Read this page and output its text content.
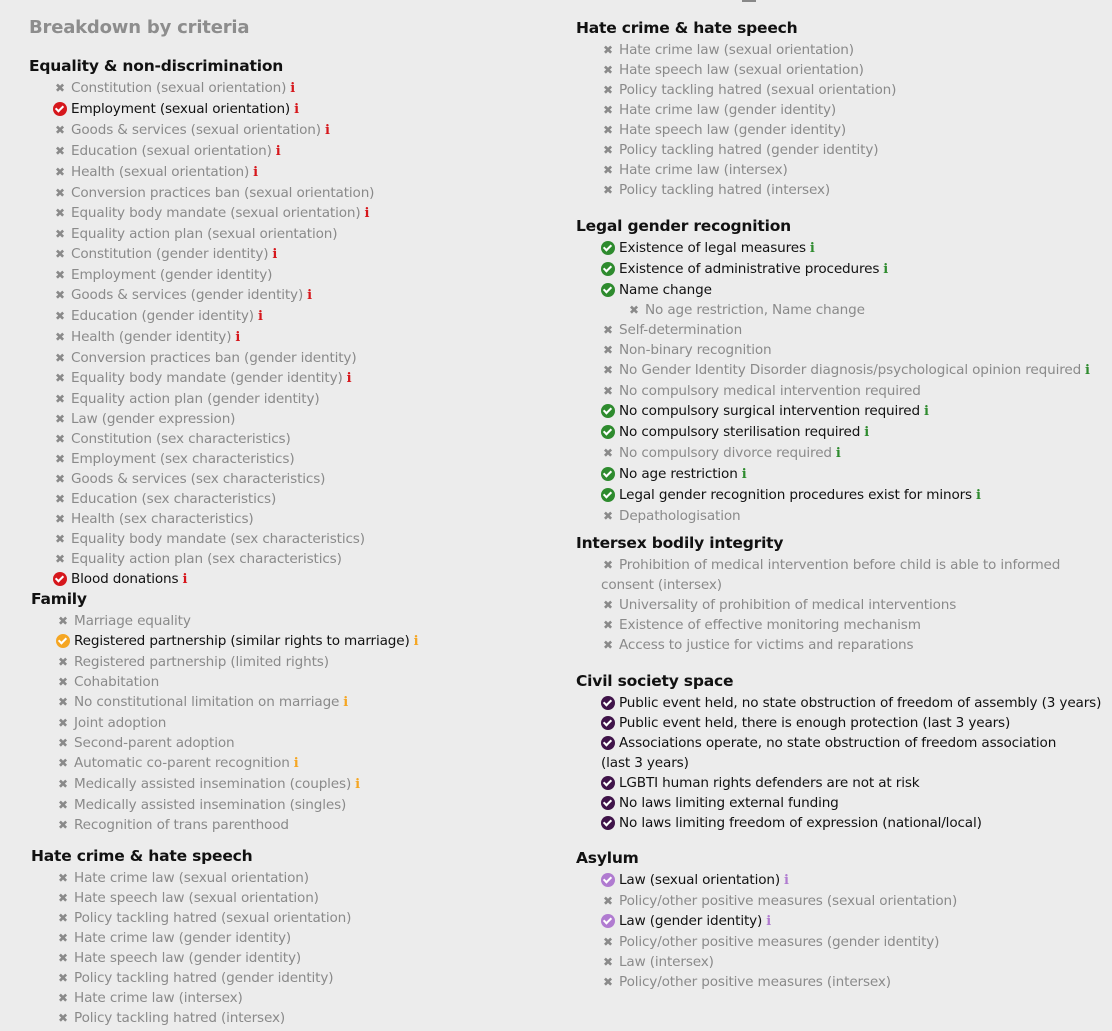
Breakdown by criteria
Equality & non-discrimination
✖ Constitution (sexual orientation) i
Employment (sexual orientation) i
✖ Goods & services (sexual orientation) i
✖ Education (sexual orientation) i
✖ Health (sexual orientation) i
✖ Conversion practices ban (sexual orientation)
✖ Equality body mandate (sexual orientation) i
✖ Equality action plan (sexual orientation)
✖ Constitution (gender identity) i
✖ Employment (gender identity)
✖ Goods & services (gender identity) i
✖ Education (gender identity) i
✖ Health (gender identity) i
✖ Conversion practices ban (gender identity)
✖ Equality body mandate (gender identity) i
✖ Equality action plan (gender identity)
✖ Law (gender expression)
✖ Constitution (sex characteristics)
✖ Employment (sex characteristics)
✖ Goods & services (sex characteristics)
✖ Education (sex characteristics)
✖ Health (sex characteristics)
✖ Equality body mandate (sex characteristics)
✖ Equality action plan (sex characteristics)
Blood donations i
Family
✖ Marriage equality
Registered partnership (similar rights to marriage) i
✖ Registered partnership (limited rights)
✖ Cohabitation
✖ No constitutional limitation on marriage i
✖ Joint adoption
✖ Second-parent adoption
✖ Automatic co-parent recognition i
✖ Medically assisted insemination (couples) i
✖ Medically assisted insemination (singles)
✖ Recognition of trans parenthood
Hate crime & hate speech
✖ Hate crime law (sexual orientation)
✖ Hate speech law (sexual orientation)
✖ Policy tackling hatred (sexual orientation)
✖ Hate crime law (gender identity)
✖ Hate speech law (gender identity)
✖ Policy tackling hatred (gender identity)
✖ Hate crime law (intersex)
✖ Policy tackling hatred (intersex)
Hate crime & hate speech
✖ Hate crime law (sexual orientation)
✖ Hate speech law (sexual orientation)
✖ Policy tackling hatred (sexual orientation)
✖ Hate crime law (gender identity)
✖ Hate speech law (gender identity)
✖ Policy tackling hatred (gender identity)
✖ Hate crime law (intersex)
✖ Policy tackling hatred (intersex)
Legal gender recognition
Existence of legal measures i
Existence of administrative procedures i
Name change
✖ No age restriction, Name change
✖ Self-determination
✖ Non-binary recognition
✖ No Gender Identity Disorder diagnosis/psychological opinion required i
✖ No compulsory medical intervention required
No compulsory surgical intervention required i
No compulsory sterilisation required i
✖ No compulsory divorce required i
No age restriction i
Legal gender recognition procedures exist for minors i
✖ Depathologisation
Intersex bodily integrity
✖ Prohibition of medical intervention before child is able to informed consent (intersex)
✖ Universality of prohibition of medical interventions
✖ Existence of effective monitoring mechanism
✖ Access to justice for victims and reparations
Civil society space
Public event held, no state obstruction of freedom of assembly (3 years)
Public event held, there is enough protection (last 3 years)
Associations operate, no state obstruction of freedom association (last 3 years)
LGBTI human rights defenders are not at risk
No laws limiting external funding
No laws limiting freedom of expression (national/local)
Asylum
Law (sexual orientation) i
✖ Policy/other positive measures (sexual orientation)
Law (gender identity) i
✖ Policy/other positive measures (gender identity)
✖ Law (intersex)
✖ Policy/other positive measures (intersex)
